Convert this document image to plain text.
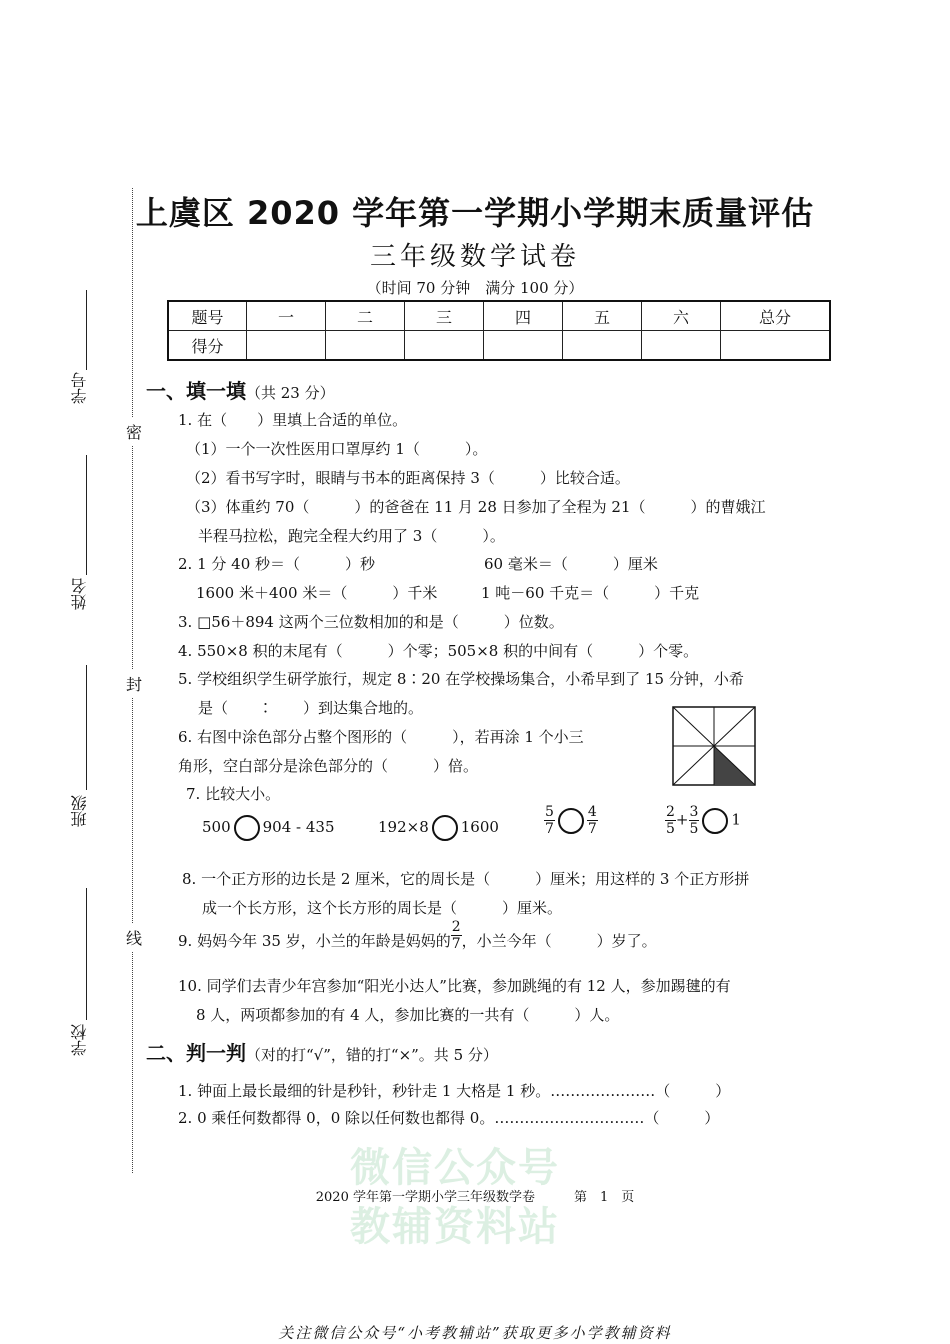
微信公众号
教辅资料站
密
封
线
学号
姓名
班级
学校
上虞区 2020 学年第一学期小学期末质量评估
三年级数学试卷
（时间 70 分钟　满分 100 分）
题号	一	二	三	四	五	六	总分
得分							
一、填一填（共 23 分）
1. 在（　　）里填上合适的单位。
（1）一个一次性医用口罩厚约 1（　　　）。
（2）看书写字时，眼睛与书本的距离保持 3（　　　）比较合适。
（3）体重约 70（　　　）的爸爸在 11 月 28 日参加了全程为 21（　　　）的曹娥江
半程马拉松，跑完全程大约用了 3（　　　）。
2. 1 分 40 秒＝（　　　）秒	60 毫米＝（　　　）厘米
1600 米＋400 米＝（　　　）千米	1 吨－60 千克＝（　　　）千克
3. □56＋894 这两个三位数相加的和是（　　　）位数。
4. 550×8 积的末尾有（　　　）个零；505×8 积的中间有（　　　）个零。
5. 学校组织学生研学旅行，规定 8∶20 在学校操场集合，小希早到了 15 分钟，小希
是（　　∶　　）到达集合地的。
6. 右图中涂色部分占整个图形的（　　　），若再涂 1 个小三
角形，空白部分是涂色部分的（　　　）倍。
7. 比较大小。
500 904 - 435	192×8 1600	$\frac{5}{7} \frac{4}{7}$	$\frac{2}{5} + \frac{3}{5} 1$
8. 一个正方形的边长是 2 厘米，它的周长是（　　　）厘米；用这样的 3 个正方形拼
成一个长方形，这个长方形的周长是（　　　）厘米。
9. 妈妈今年 35 岁，小兰的年龄是妈妈的 $\frac{2}{7}$ ，小兰今年（　　　）岁了。
10. 同学们去青少年宫参加“阳光小达人”比赛，参加跳绳的有 12 人，参加踢毽的有
8 人，两项都参加的有 4 人，参加比赛的一共有（　　　）人。
二、判一判（对的打“√”，错的打“×”。共 5 分）
1. 钟面上最长最细的针是秒针，秒针走 1 大格是 1 秒。…………………（　　　）
2. 0 乘任何数都得 0，0 除以任何数也都得 0。…………………………（　　　）
2020 学年第一学期小学三年级数学卷　　　第　1　页
关注微信公众号“小考教辅站”获取更多小学教辅资料
